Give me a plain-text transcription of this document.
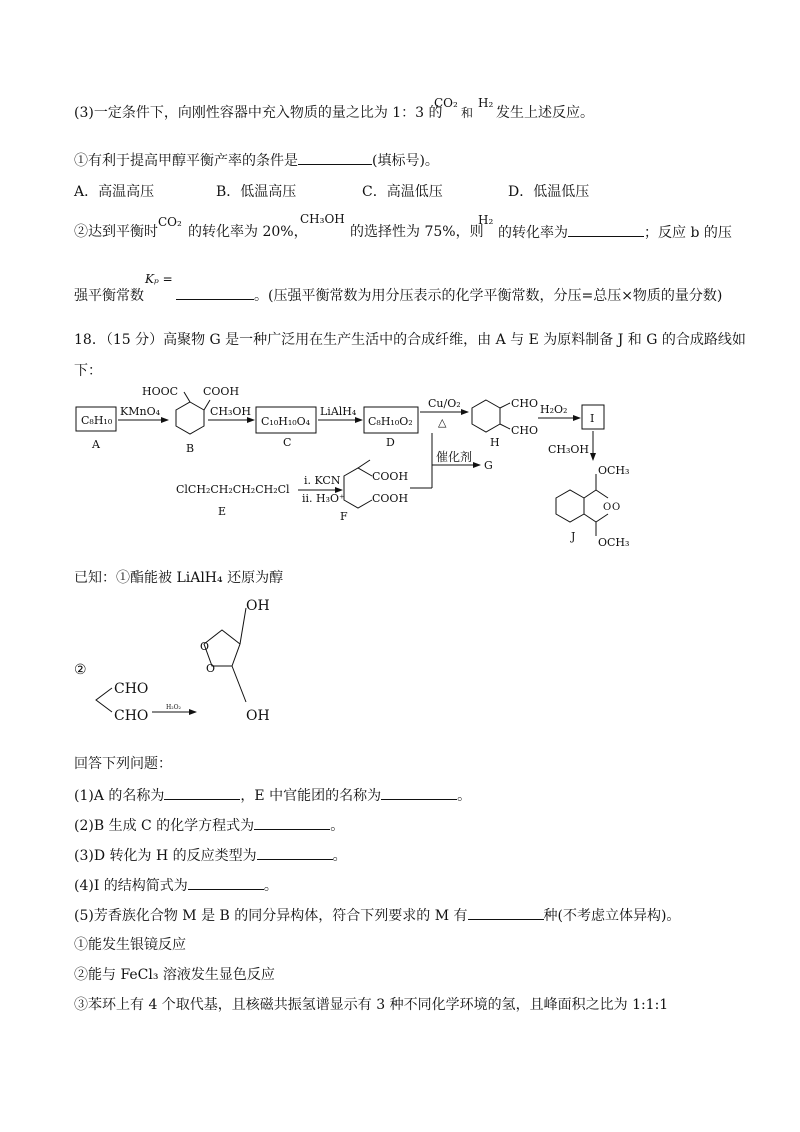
(3)一定条件下，向刚性容器中充入物质的量之比为 1：3 的
CO₂
和
H₂
发生上述反应。
①有利于提高甲醇平衡产率的条件是	(填标号)。
A．高温高压	B．低温高压	C．高温低压	D．低温低压
②达到平衡时
CO₂
的转化率为 20%，
CH₃OH
的选择性为 75%，则
H₂
的转化率为	；反应 b 的压
Kₚ =
强平衡常数	。(压强平衡常数为用分压表示的化学平衡常数，分压=总压×物质的量分数)
18．（15 分）高聚物 G 是一种广泛用在生产生活中的合成纤维，由 A 与 E 为原料制备 J 和 G 的合成路线如
下：
C₈H₁₀
A
KMnO₄
HOOC COOH
B
CH₃OH
C₁₀H₁₀O₄
C
LiAlH₄
C₈H₁₀O₂
D
Cu/O₂
△
CHO
CHO
H
H₂O₂
I
CH₃OH
O O
OCH₃
OCH₃
J
催化剂
G
ClCH₂CH₂CH₂CH₂Cl
E
i. KCN
ii. H₃O⁺
COOH
COOH
F
已知：①酯能被 LiAlH₄ 还原为醇
②
CHO
CHO
H₂O₂
O
O
OH
OH
回答下列问题：
(1)A 的名称为	，E 中官能团的名称为	。
(2)B 生成 C 的化学方程式为	。
(3)D 转化为 H 的反应类型为	。
(4)I 的结构简式为	。
(5)芳香族化合物 M 是 B 的同分异构体，符合下列要求的 M 有	种(不考虑立体异构)。
①能发生银镜反应
②能与 FeCl₃ 溶液发生显色反应
③苯环上有 4 个取代基，且核磁共振氢谱显示有 3 种不同化学环境的氢，且峰面积之比为 1:1:1
